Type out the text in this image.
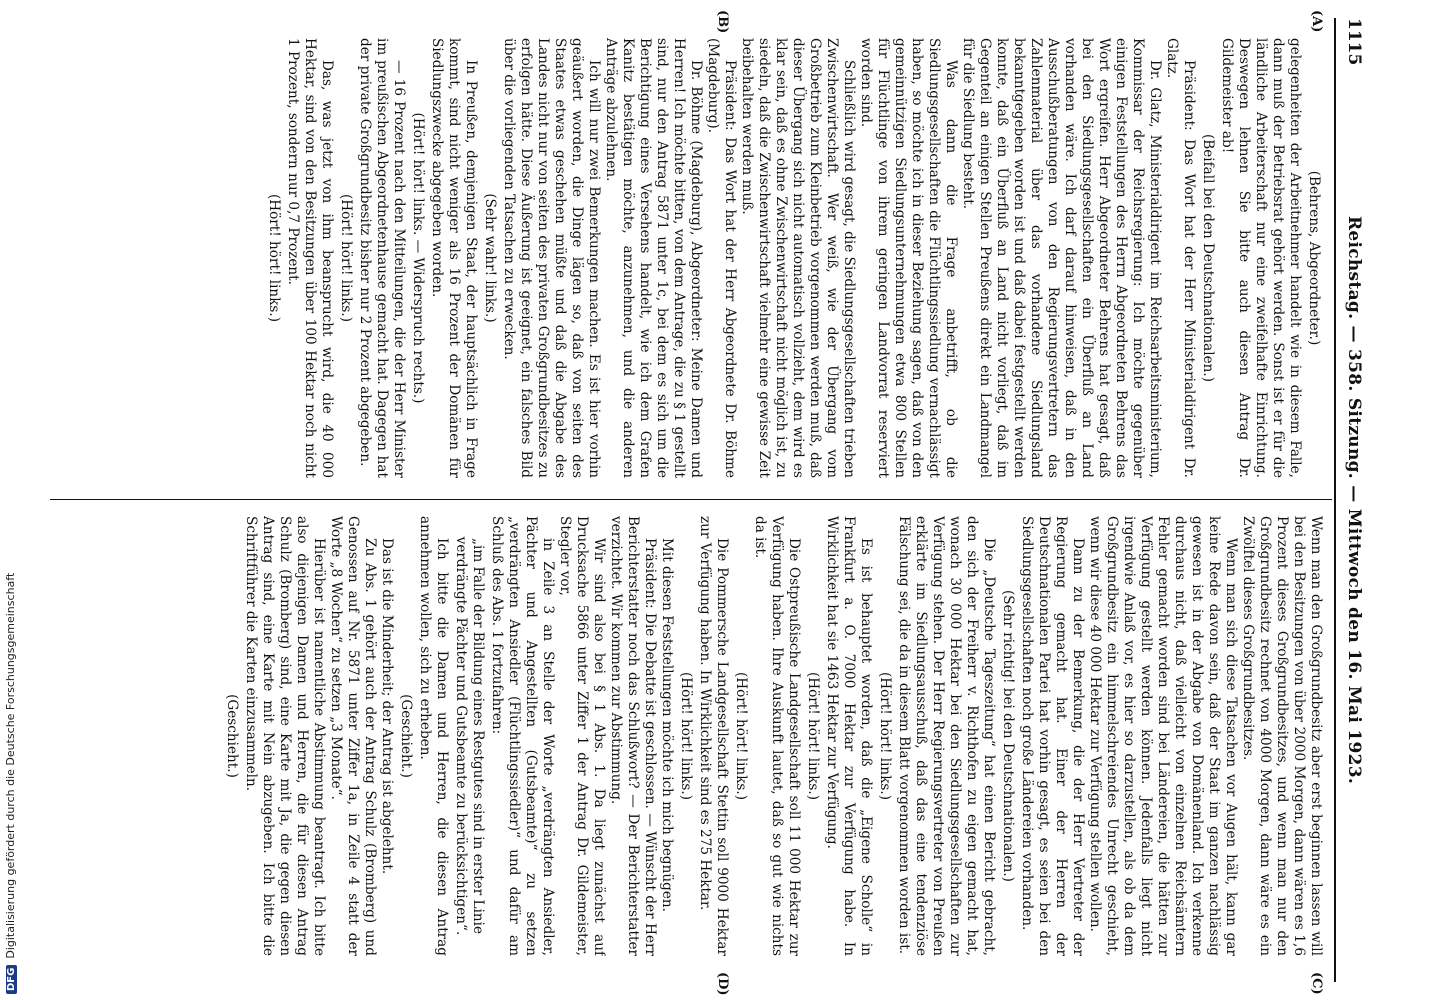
1115
Reichstag. — 358. Sitzung. — Mittwoch den 16. Mai 1923.
(A)
(B)
(C)
(D)

(Behrens, Abgeordneter.)

gelegenheiten der Arbeitnehmer handelt wie in diesem Falle, dann muß der Betriebsrat gehört werden. Sonst ist er für die ländliche Arbeiterschaft nur eine zweifelhafte Einrichtung. Deswegen lehnen Sie bitte auch diesen Antrag Dr. Gildemeister ab!

(Beifall bei den Deutschnationalen.)

Präsident: Das Wort hat der Herr Ministerialdirigent Dr. Glatz.

Dr. Glatz, Ministerialdirigent im Reichsarbeitsministerium, Kommissar der Reichsregierung: Ich möchte gegenüber einigen Feststellungen des Herrn Abgeordneten Behrens das Wort ergreifen. Herr Abgeordneter Behrens hat gesagt, daß bei den Siedlungsgesellschaften ein Überfluß an Land vorhanden wäre. Ich darf darauf hinweisen, daß in den Ausschußberatungen von den Regierungsvertretern das Zahlenmaterial über das vorhandene Siedlungsland bekanntgegeben worden ist und daß dabei festgestellt werden konnte, daß ein Überfluß an Land nicht vorliegt, daß im Gegenteil an einigen Stellen Preußens direkt ein Landmangel für die Siedlung besteht.

Was dann die Frage anbetrifft, ob die Siedlungsgesellschaften die Flüchtlingssiedlung vernachlässigt haben, so möchte ich in dieser Beziehung sagen, daß von den gemeinnützigen Siedlungsunternehmungen etwa 800 Stellen für Flüchtlinge von ihrem geringen Landvorrat reserviert worden sind.

Schließlich wird gesagt, die Siedlungsgesellschaften trieben Zwischenwirtschaft. Wer weiß, wie der Übergang vom Großbetrieb zum Kleinbetrieb vorgenommen werden muß, daß dieser Übergang sich nicht automatisch vollzieht, dem wird es klar sein, daß es ohne Zwischenwirtschaft nicht möglich ist, zu siedeln, daß die Zwischenwirtschaft vielmehr eine gewisse Zeit beibehalten werden muß.

Präsident: Das Wort hat der Herr Abgeordnete Dr. Böhme (Magdeburg).

Dr. Böhme (Magdeburg), Abgeordneter: Meine Damen und Herren! Ich möchte bitten, von dem Antrage, die zu § 1 gestellt sind, nur den Antrag 5871 unter 1c, bei dem es sich um die Berichtigung eines Versehens handelt, wie ich dem Grafen Kanitz bestätigen möchte, anzunehmen, und die anderen Anträge abzulehnen.

Ich will nur zwei Bemerkungen machen. Es ist hier vorhin geäußert worden, die Dinge lägen so, daß von seiten des Staates etwas geschehen müßte und daß die Abgabe des Landes nicht nur von seiten des privaten Großgrundbesitzes zu erfolgen hätte. Diese Äußerung ist geeignet, ein falsches Bild über die vorliegenden Tatsachen zu erwecken.

(Sehr wahr! links.)

In Preußen, demjenigen Staat, der hauptsächlich in Frage kommt, sind nicht weniger als 16 Prozent der Domänen für Siedlungszwecke abgegeben worden.

(Hört! hört! links. — Widerspruch rechts.)

— 16 Prozent nach den Mitteilungen, die der Herr Minister im preußischen Abgeordnetenhause gemacht hat. Dagegen hat der private Großgrundbesitz bisher nur 2 Prozent abgegeben.

(Hört! hört! links.)

Das, was jetzt von ihm beansprucht wird, die 40 000 Hektar, sind von den Besitzungen über 100 Hektar noch nicht 1 Prozent, sondern nur 0,7 Prozent.

(Hört! hört! links.)

Wenn man den Großgrundbesitz aber erst beginnen lassen will bei den Besitzungen von über 2000 Morgen, dann wären es 1,6 Prozent dieses Großgrundbesitzes, und wenn man nur den Großgrundbesitz rechnet von 4000 Morgen, dann wäre es ein Zwölftel dieses Großgrundbesitzes.

Wenn man sich diese Tatsachen vor Augen hält, kann gar keine Rede davon sein, daß der Staat im ganzen nachlässig gewesen ist in der Abgabe von Domänenland. Ich verkenne durchaus nicht, daß vielleicht von einzelnen Reichsämtern Fehler gemacht worden sind bei Ländereien, die hätten zur Verfügung gestellt werden können. Jedenfalls liegt nicht irgendwie Anlaß vor, es hier so darzustellen, als ob da dem Großgrundbesitz ein himmelschreiendes Unrecht geschieht, wenn wir diese 40 000 Hektar zur Verfügung stellen wollen.

Dann zu der Bemerkung, die der Herr Vertreter der Regierung gemacht hat. Einer der Herren der Deutschnationalen Partei hat vorhin gesagt, es seien bei den Siedlungsgesellschaften noch große Ländereien vorhanden.

(Sehr richtig! bei den Deutschnationalen.)

Die „Deutsche Tageszeitung“ hat einen Bericht gebracht, den sich der Freiherr v. Richthofen zu eigen gemacht hat, wonach 30 000 Hektar bei den Siedlungsgesellschaften zur Verfügung stehen. Der Herr Regierungsvertreter von Preußen erklärte im Siedlungsausschuß, daß das eine tendenziöse Fälschung sei, die da in diesem Blatt vorgenommen worden ist.

(Hört! hört! links.)

Es ist behauptet worden, daß die „Eigene Scholle“ in Frankfurt a. O. 7000 Hektar zur Verfügung habe. In Wirklichkeit hat sie 1463 Hektar zur Verfügung.

(Hört! hört! links.)

Die Ostpreußische Landgesellschaft soll 11 000 Hektar zur Verfügung haben. Ihre Auskunft lautet, daß so gut wie nichts da ist.

(Hört! hört! links.)

Die Pommersche Landgesellschaft Stettin soll 9000 Hektar zur Verfügung haben. In Wirklichkeit sind es 275 Hektar.

(Hört! hört! links.)

Mit diesen Feststellungen möchte ich mich begnügen.

Präsident: Die Debatte ist geschlossen. — Wünscht der Herr Berichterstatter noch das Schlußwort? — Der Berichterstatter verzichtet. Wir kommen zur Abstimmung.

Wir sind also bei § 1 Abs. 1. Da liegt zunächst auf Drucksache 5866 unter Ziffer 1 der Antrag Dr. Gildemeister, Stegler vor,

in Zeile 3 an Stelle der Worte „verdrängten Ansiedler, Pächter und Angestellten (Gutsbeamte)“ zu setzen „verdrängten Ansiedler (Flüchtlingssiedler)“ und dafür am Schluß des Abs. 1 fortzufahren:

„im Falle der Bildung eines Restgutes sind in erster Linie verdrängte Pächter und Gutsbeamte zu berücksichtigen“.

Ich bitte die Damen und Herren, die diesen Antrag annehmen wollen, sich zu erheben.

(Geschieht.)

Das ist die Minderheit; der Antrag ist abgelehnt.

Zu Abs. 1 gehört auch der Antrag Schulz (Bromberg) und Genossen auf Nr. 5871 unter Ziffer 1a, in Zeile 4 statt der Worte „8 Wochen“ zu setzen „3 Monate“.

Hierüber ist namentliche Abstimmung beantragt. Ich bitte also diejenigen Damen und Herren, die für diesen Antrag Schulz (Bromberg) sind, eine Karte mit Ja, die gegen diesen Antrag sind, eine Karte mit Nein abzugeben. Ich bitte die Schriftführer die Karten einzusammeln.

(Geschieht.)

DFGDigitalisierung gefördert durch die Deutsche Forschungsgemeinschaft
